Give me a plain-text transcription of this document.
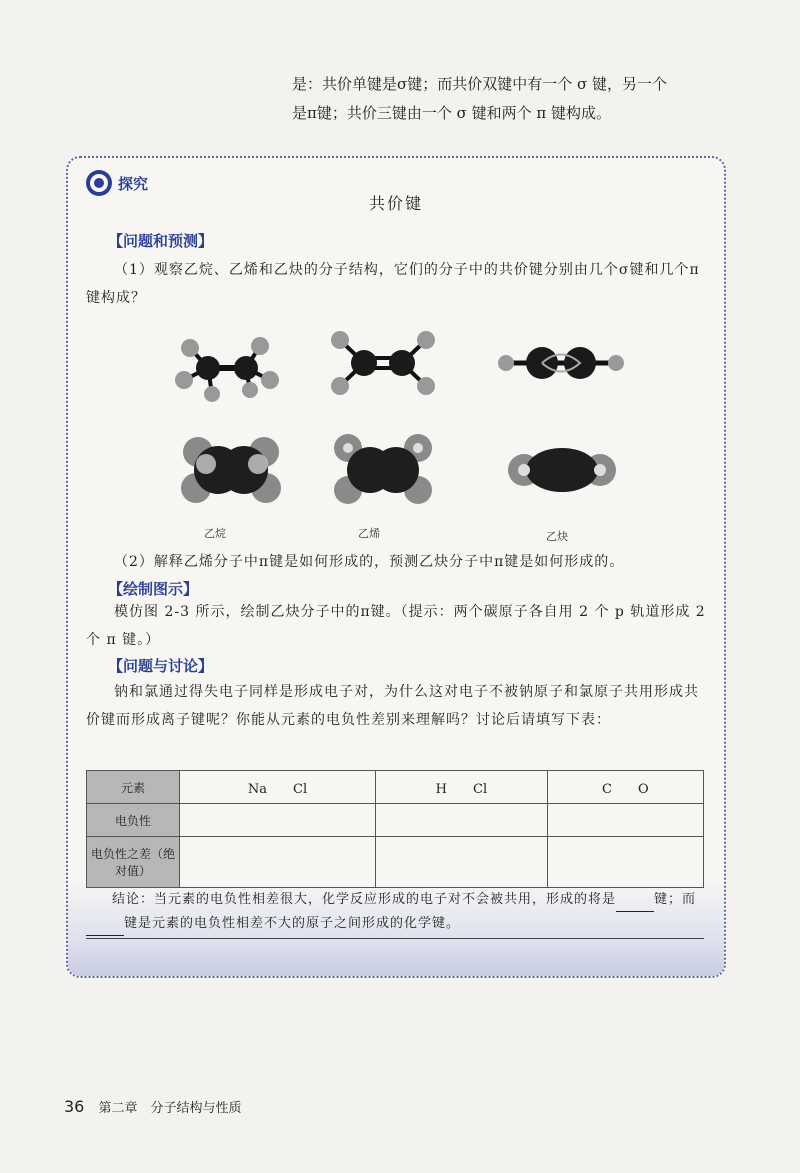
是：共价单键是σ键；而共价双键中有一个 σ 键，另一个
是π键；共价三键由一个 σ 键和两个 π 键构成。
探究
共价键
【问题和预测】
（1）观察乙烷、乙烯和乙炔的分子结构，它们的分子中的共价键分别由几个σ键和几个π键构成？
乙烷	乙烯	乙炔
（2）解释乙烯分子中π键是如何形成的，预测乙炔分子中π键是如何形成的。
【绘制图示】
模仿图 2-3 所示，绘制乙炔分子中的π键。（提示：两个碳原子各自用 2 个 p 轨道形成 2 个 π 键。）
【问题与讨论】
钠和氯通过得失电子同样是形成电子对，为什么这对电子不被钠原子和氯原子共用形成共价键而形成离子键呢？你能从元素的电负性差别来理解吗？讨论后请填写下表：
元素	Na　　Cl	H　　Cl	C　　O
电负性			
电负性之差（绝对值）			
结论：当元素的电负性相差很大，化学反应形成的电子对不会被共用，形成的将是	键；而键是元素的电负性相差不大的原子之间形成的化学键。
36 第二章　分子结构与性质
